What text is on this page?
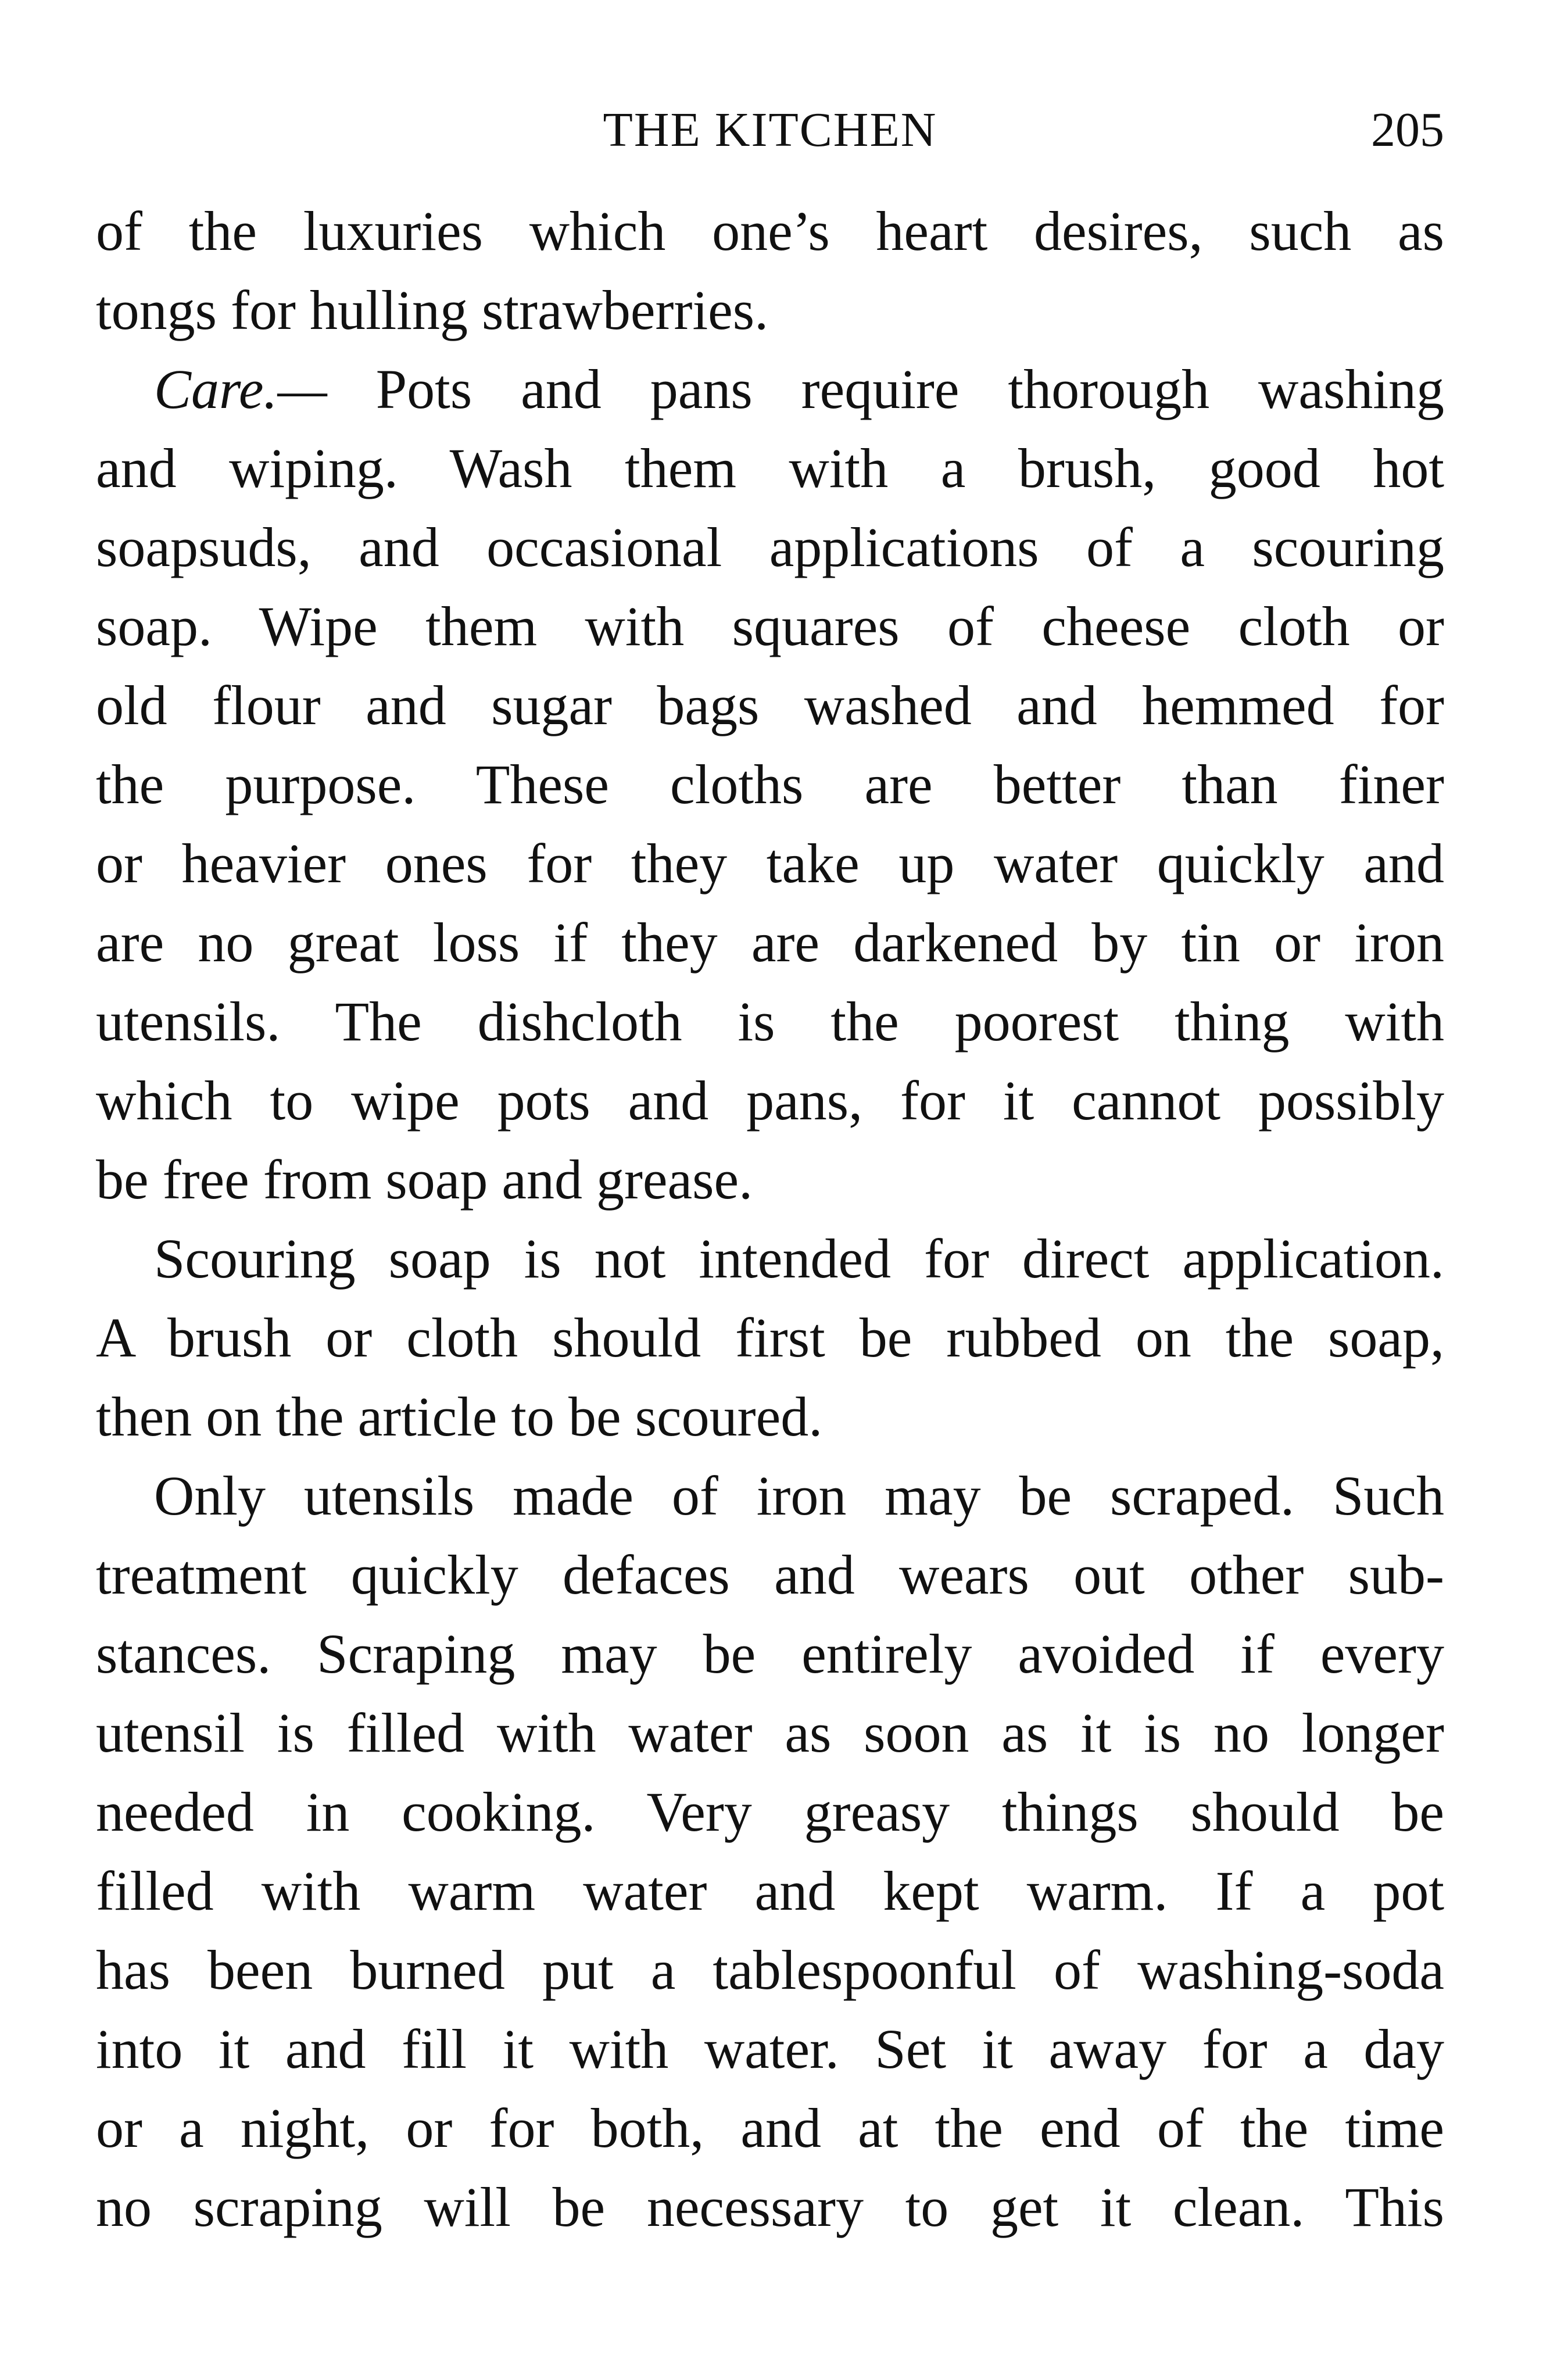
THE KITCHEN	205
of the luxuries which one’s heart desires, such as
tongs for hulling strawberries.
Care.— Pots and pans require thorough washing
and wiping. Wash them with a brush, good hot
soapsuds, and occasional applications of a scouring
soap. Wipe them with squares of cheese cloth or
old flour and sugar bags washed and hemmed for
the purpose. These cloths are better than finer
or heavier ones for they take up water quickly and
are no great loss if they are darkened by tin or iron
utensils. The dishcloth is the poorest thing with
which to wipe pots and pans, for it cannot possibly
be free from soap and grease.
Scouring soap is not intended for direct application.
A brush or cloth should first be rubbed on the soap,
then on the article to be scoured.
Only utensils made of iron may be scraped. Such
treatment quickly defaces and wears out other sub-
stances. Scraping may be entirely avoided if every
utensil is filled with water as soon as it is no longer
needed in cooking. Very greasy things should be
filled with warm water and kept warm. If a pot
has been burned put a tablespoonful of washing-soda
into it and fill it with water. Set it away for a day
or a night, or for both, and at the end of the time
no scraping will be necessary to get it clean. This
